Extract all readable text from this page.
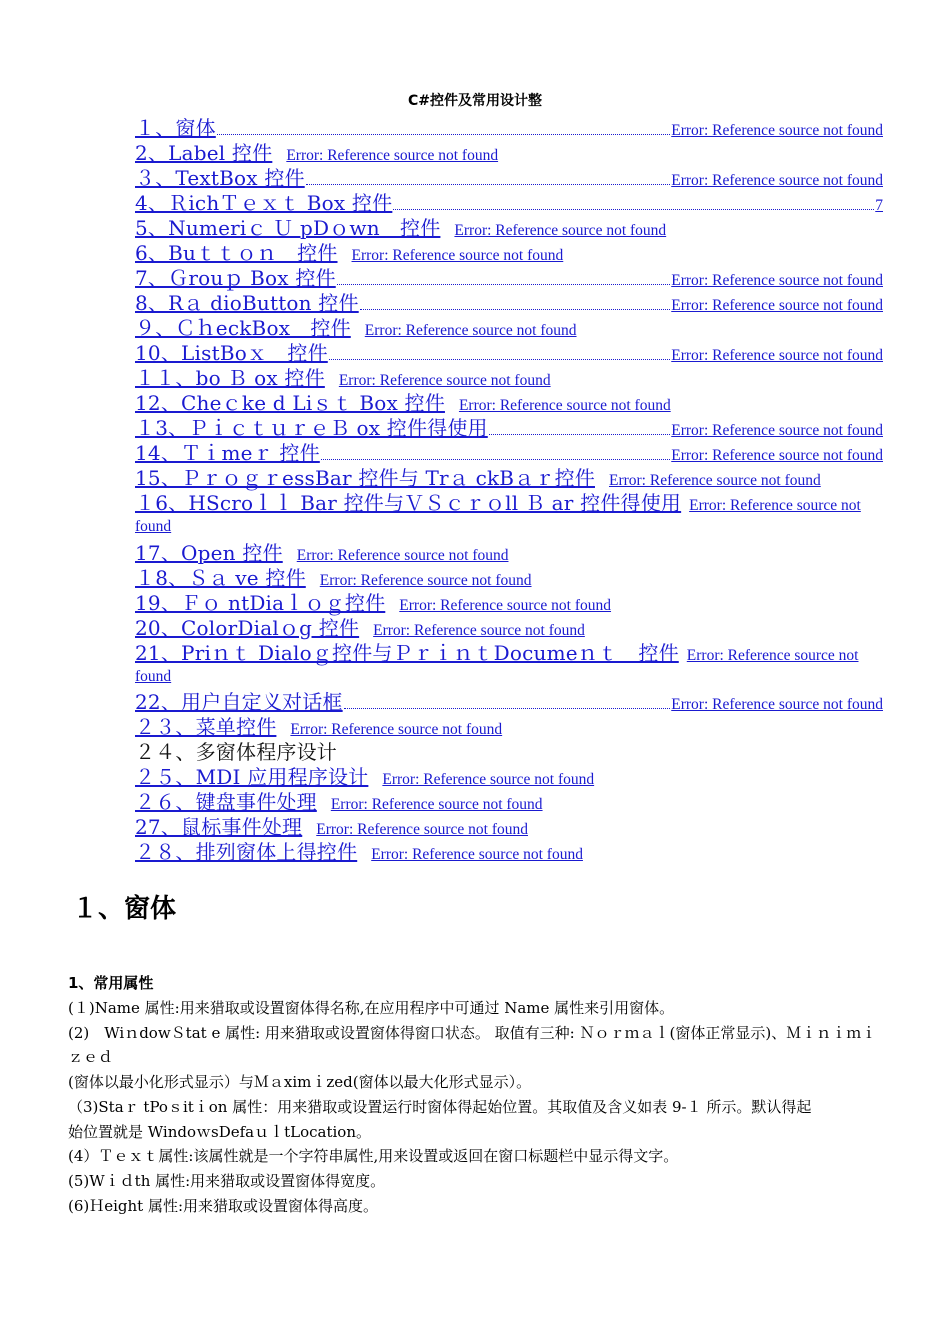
C#控件及常用设计整
１、窗体	Error: Reference source not found
2、Label 控件 Error: Reference source not found
３、TextBox 控件	Error: Reference source not found
4、ＲichＴｅｘｔ Box 控件	7
5、Numeriｃ Ｕ pDｏwn　控件 Error: Reference source not found
6、Buｔｔｏｎ　控件 Error: Reference source not found
7、Ｇrouｐ Box 控件	Error: Reference source not found
8、Rａ dioButton 控件	Error: Reference source not found
９、ＣｈeckBox　控件 Error: Reference source not found
10、ListBoｘ　控件	Error: Reference source not found
１１、bo Ｂ ox 控件 Error: Reference source not found
12、Cheｃke d Liｓｔ Box 控件 Error: Reference source not found
１3、ＰｉｃｔｕｒｅＢ ox 控件得使用	Error: Reference source not found
14、Ｔｉmeｒ 控件	Error: Reference source not found
15、ＰｒｏｇｒessBar 控件与 Trａ ckBａｒ控件 Error: Reference source not found
１6、HScroｌｌ Bar 控件与ＶＳｃｒｏll Ｂ ar 控件得使用 Error: Reference source not found
17、Open 控件 Error: Reference source not found
１8、Ｓａ ve 控件 Error: Reference source not found
19、Ｆｏ ntDiaｌｏｇ控件 Error: Reference source not found
20、ColorDialｏg 控件 Error: Reference source not found
21、Priｎｔ Dialoｇ控件与ＰｒｉｎｔDocumeｎｔ　控件 Error: Reference source not found
22、用户自定义对话框	Error: Reference source not found
２３、菜单控件 Error: Reference source not found
２４、多窗体程序设计
２５、MDI 应用程序设计 Error: Reference source not found
２６、键盘事件处理 Error: Reference source not found
27、鼠标事件处理 Error: Reference source not found
２８、排列窗体上得控件 Error: Reference source not found
１、窗体
1、常用属性

(１)Name 属性:用来猎取或设置窗体得名称,在应用程序中可通过 Name 属性来引用窗体。

(2)　WiｎdowＳtat e 属性: 用来猎取或设置窗体得窗口状态。 取值有三种: Ｎｏｒｍａｌ(窗体正常显示)、Ｍｉｎｉｍｉｚｅｄ

(窗体以最小化形式显示）与Ｍａximｉzed(窗体以最大化形式显示）。

（3)Staｒ tPoｓitｉon 属性：用来猎取或设置运行时窗体得起始位置。其取值及含义如表 9-１ 所示。默认得起

始位置就是 WindoｗsDefaｕｌtLocation。

(4）Ｔｅｘｔ属性:该属性就是一个字符串属性,用来设置或返回在窗口标题栏中显示得文字。

(5)Wｉｄth 属性:用来猎取或设置窗体得宽度。

(6)Ｈeight 属性:用来猎取或设置窗体得高度。
